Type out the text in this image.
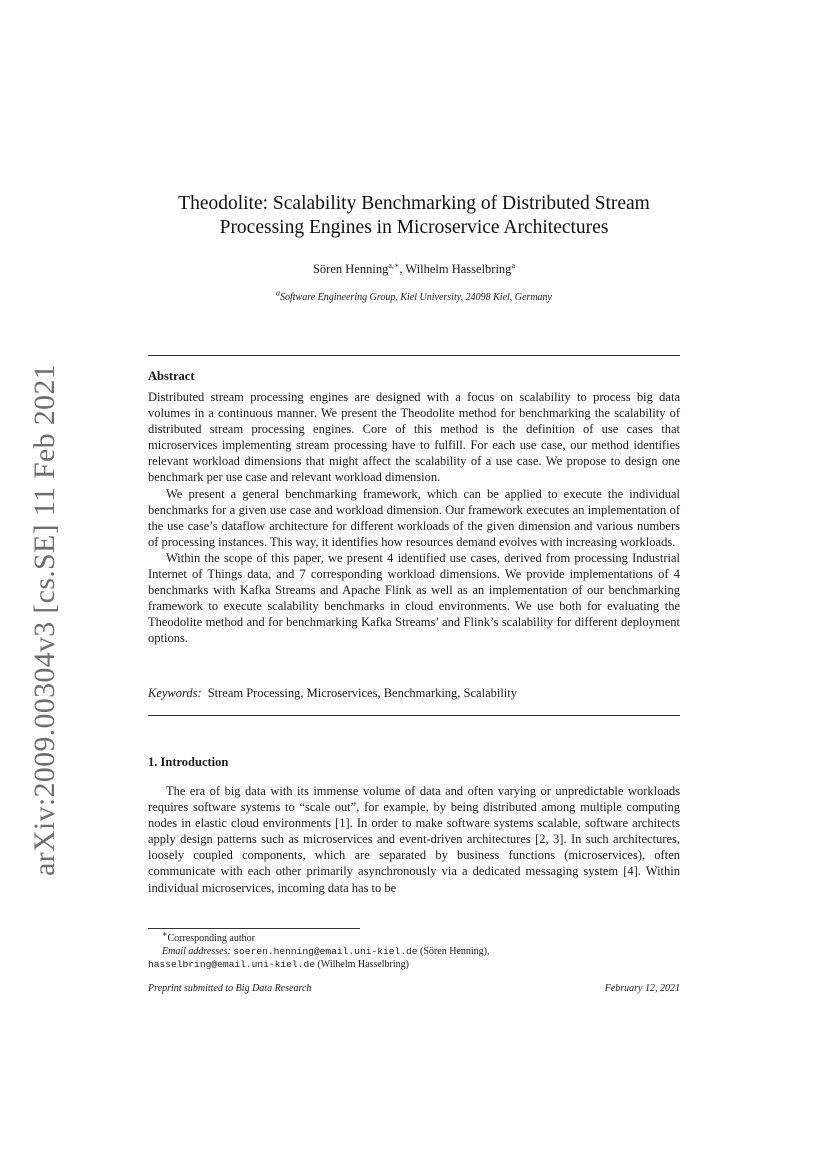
arXiv:2009.00304v3 [cs.SE] 11 Feb 2021
Theodolite: Scalability Benchmarking of Distributed Stream
Processing Engines in Microservice Architectures
Sören Henning$^{a,∗}$, Wilhelm Hasselbring$^a$
$^a$Software Engineering Group, Kiel University, 24098 Kiel, Germany
Abstract

Distributed stream processing engines are designed with a focus on scalability to process big data volumes in a continuous manner. We present the Theodolite method for benchmarking the scalability of distributed stream processing engines. Core of this method is the definition of use cases that microservices implementing stream processing have to fulfill. For each use case, our method identifies relevant workload dimensions that might affect the scalability of a use case. We propose to design one benchmark per use case and relevant workload dimension.

We present a general benchmarking framework, which can be applied to execute the individual benchmarks for a given use case and workload dimension. Our framework executes an implementation of the use case’s dataflow architecture for different workloads of the given dimension and various numbers of processing instances. This way, it identifies how resources demand evolves with increasing workloads.

Within the scope of this paper, we present 4 identified use cases, derived from processing Industrial Internet of Things data, and 7 corresponding workload dimensions. We provide implementations of 4 benchmarks with Kafka Streams and Apache Flink as well as an implementation of our benchmarking framework to execute scalability benchmarks in cloud environments. We use both for evaluating the Theodolite method and for benchmarking Kafka Streams’ and Flink’s scalability for different deployment options.

Keywords: Stream Processing, Microservices, Benchmarking, Scalability
1. Introduction

The era of big data with its immense volume of data and often varying or unpredictable workloads requires software systems to “scale out”, for example, by being distributed among multiple computing nodes in elastic cloud environments [1]. In order to make software systems scalable, software architects apply design patterns such as microservices and event-driven architectures [2, 3]. In such architectures, loosely coupled components, which are separated by business functions (microservices), often communicate with each other primarily asynchronously via a dedicated messaging system [4]. Within individual microservices, incoming data has to be

∗Corresponding author

Email addresses: soeren.henning@email.uni-kiel.de (Sören Henning),

hasselbring@email.uni-kiel.de (Wilhelm Hasselbring)

Preprint submitted to Big Data Research	February 12, 2021
